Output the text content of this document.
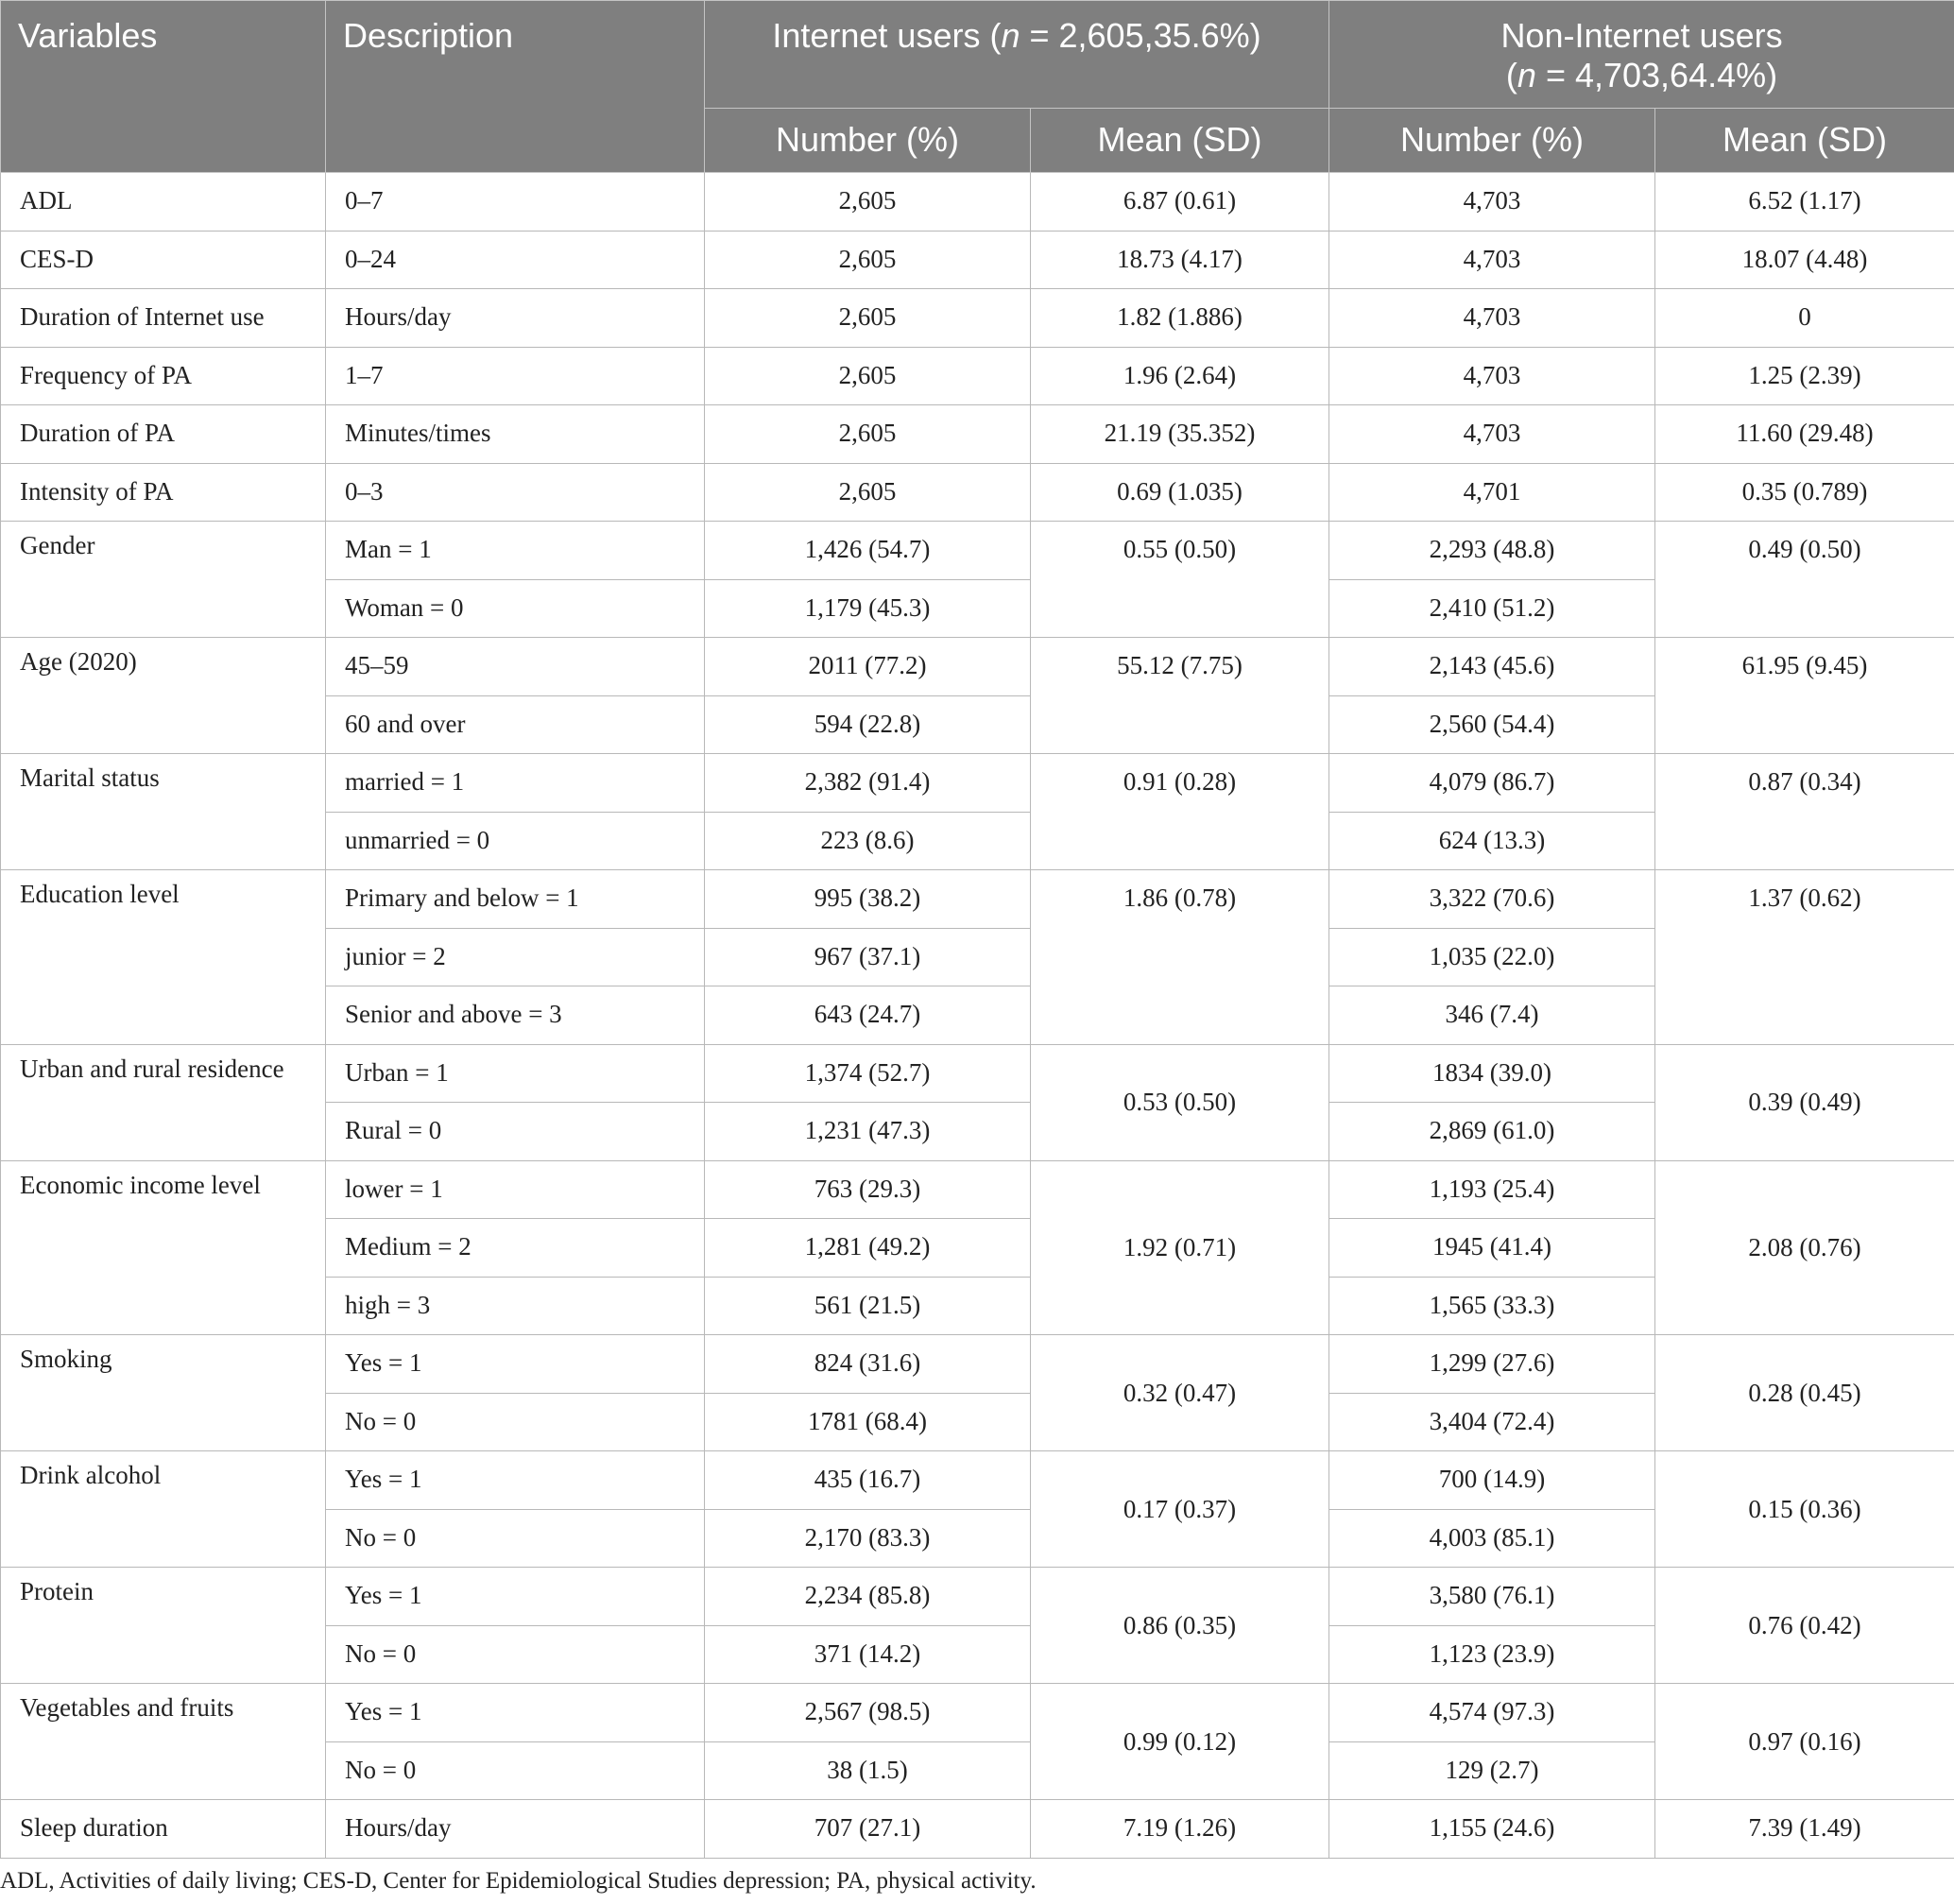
Variables	Description	Internet users (n = 2,605,35.6%)		Non-Internet users
(n = 4,703,64.4%)	
		Number (%)	Mean (SD)	Number (%)	Mean (SD)
ADL	0–7	2,605	6.87 (0.61)	4,703	6.52 (1.17)
CES-D	0–24	2,605	18.73 (4.17)	4,703	18.07 (4.48)
Duration of Internet use	Hours/day	2,605	1.82 (1.886)	4,703	0
Frequency of PA	1–7	2,605	1.96 (2.64)	4,703	1.25 (2.39)
Duration of PA	Minutes/times	2,605	21.19 (35.352)	4,703	11.60 (29.48)
Intensity of PA	0–3	2,605	0.69 (1.035)	4,701	0.35 (0.789)
Gender	Man = 1	1,426 (54.7)	0.55 (0.50)	2,293 (48.8)	0.49 (0.50)
	Woman = 0	1,179 (45.3)		2,410 (51.2)	
Age (2020)	45–59	2011 (77.2)	55.12 (7.75)	2,143 (45.6)	61.95 (9.45)
	60 and over	594 (22.8)		2,560 (54.4)	
Marital status	married = 1	2,382 (91.4)	0.91 (0.28)	4,079 (86.7)	0.87 (0.34)
	unmarried = 0	223 (8.6)		624 (13.3)	
Education level	Primary and below = 1	995 (38.2)	1.86 (0.78)	3,322 (70.6)	1.37 (0.62)
	junior = 2	967 (37.1)		1,035 (22.0)	
	Senior and above = 3	643 (24.7)		346 (7.4)	
Urban and rural residence	Urban = 1	1,374 (52.7)	0.53 (0.50)	1834 (39.0)	0.39 (0.49)
	Rural = 0	1,231 (47.3)		2,869 (61.0)	
Economic income level	lower = 1	763 (29.3)	1.92 (0.71)	1,193 (25.4)	2.08 (0.76)
	Medium = 2	1,281 (49.2)		1945 (41.4)	
	high = 3	561 (21.5)		1,565 (33.3)	
Smoking	Yes = 1	824 (31.6)	0.32 (0.47)	1,299 (27.6)	0.28 (0.45)
	No = 0	1781 (68.4)		3,404 (72.4)	
Drink alcohol	Yes = 1	435 (16.7)	0.17 (0.37)	700 (14.9)	0.15 (0.36)
	No = 0	2,170 (83.3)		4,003 (85.1)	
Protein	Yes = 1	2,234 (85.8)	0.86 (0.35)	3,580 (76.1)	0.76 (0.42)
	No = 0	371 (14.2)		1,123 (23.9)	
Vegetables and fruits	Yes = 1	2,567 (98.5)	0.99 (0.12)	4,574 (97.3)	0.97 (0.16)
	No = 0	38 (1.5)		129 (2.7)	
Sleep duration	Hours/day	707 (27.1)	7.19 (1.26)	1,155 (24.6)	7.39 (1.49)
ADL, Activities of daily living; CES-D, Center for Epidemiological Studies depression; PA, physical activity.
